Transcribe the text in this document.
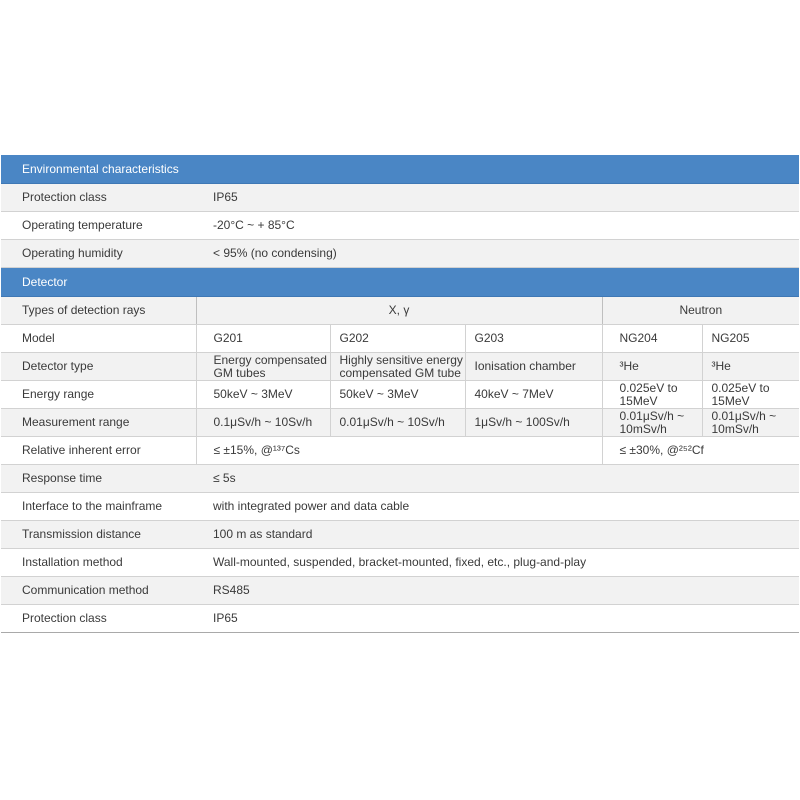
Environmental characteristics					
Protection class	IP65				
Operating temperature	-20°C ~ + 85°C				
Operating humidity	< 95% (no condensing)				
Detector					
Types of detection rays	X, γ			Neutron	
Model	G201	G202	G203	NG204	NG205
Detector type	Energy compensated GM tubes	Highly sensitive energy compensated GM tube	Ionisation chamber	³He	³He
Energy range	50keV ~ 3MeV	50keV ~ 3MeV	40keV ~ 7MeV	0.025eV to 15MeV	0.025eV to 15MeV
Measurement range	0.1μSv/h ~ 10Sv/h	0.01μSv/h ~ 10Sv/h	1μSv/h ~ 100Sv/h	0.01μSv/h ~ 10mSv/h	0.01μSv/h ~ 10mSv/h
Relative inherent error	≤ ±15%, @¹³⁷Cs			≤ ±30%, @²⁵²Cf	
Response time	≤ 5s				
Interface to the mainframe	with integrated power and data cable				
Transmission distance	100 m as standard				
Installation method	Wall-mounted, suspended, bracket-mounted, fixed, etc., plug-and-play				
Communication method	RS485				
Protection class	IP65				
